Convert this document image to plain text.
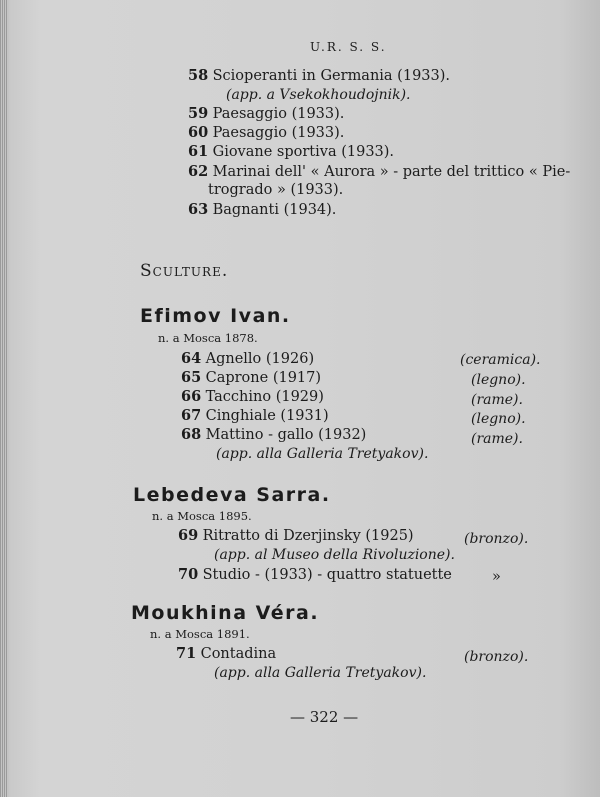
U.R. S. S.
58 Scioperanti in Germania (1933).
(app. a Vsekokhoudojnik).
59 Paesaggio (1933).
60 Paesaggio (1933).
61 Giovane sportiva (1933).
62 Marinai dell' « Aurora » - parte del trittico « Pie-
trogrado » (1933).
63 Bagnanti (1934).
Sculture.
Efimov Ivan.
n. a Mosca 1878.
64 Agnello (1926)	(ceramica).
65 Caprone (1917)	(legno).
66 Tacchino (1929)	(rame).
67 Cinghiale (1931)	(legno).
68 Mattino - gallo (1932)	(rame).
(app. alla Galleria Tretyakov).
Lebedeva Sarra.
n. a Mosca 1895.
69 Ritratto di Dzerjinsky (1925)	(bronzo).
(app. al Museo della Rivoluzione).
70 Studio - (1933) - quattro statuette	»
Moukhina Véra.
n. a Mosca 1891.
71 Contadina	(bronzo).
(app. alla Galleria Tretyakov).
— 322 —
